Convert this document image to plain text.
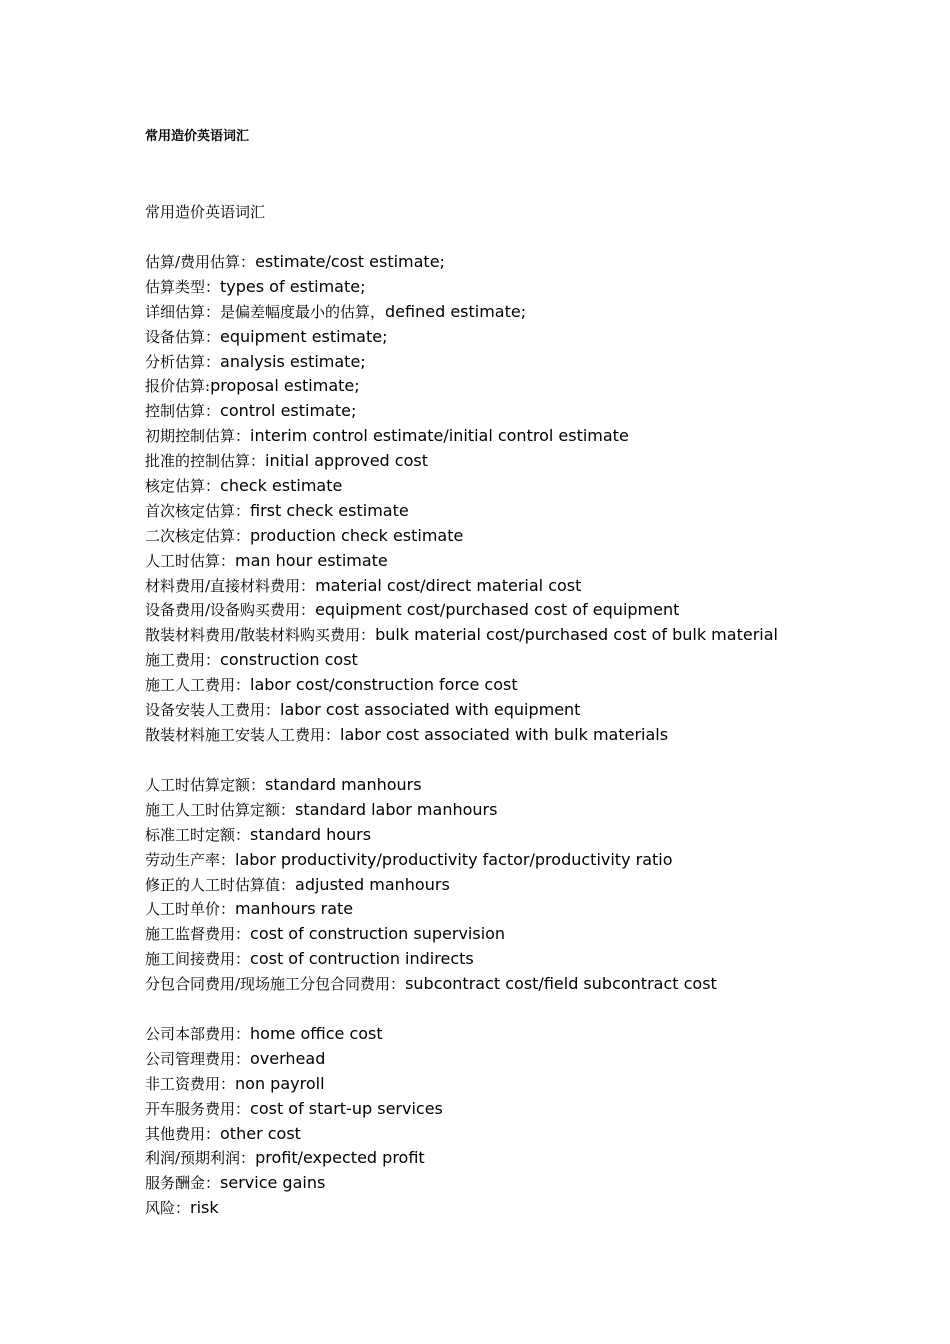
常用造价英语词汇
常用造价英语词汇
估算/费用估算：estimate/cost estimate;
估算类型：types of estimate;
详细估算：是偏差幅度最小的估算，defined estimate;
设备估算：equipment estimate;
分析估算：analysis estimate;
报价估算:proposal estimate;
控制估算：control estimate;
初期控制估算：interim control estimate/initial control estimate
批准的控制估算：initial approved cost
核定估算：check estimate
首次核定估算：first check estimate
二次核定估算：production check estimate
人工时估算：man hour estimate
材料费用/直接材料费用：material cost/direct material cost
设备费用/设备购买费用：equipment cost/purchased cost of equipment
散装材料费用/散装材料购买费用：bulk material cost/purchased cost of bulk material
施工费用：construction cost
施工人工费用：labor cost/construction force cost
设备安装人工费用：labor cost associated with equipment
散装材料施工安装人工费用：labor cost associated with bulk materials
人工时估算定额：standard manhours
施工人工时估算定额：standard labor manhours
标准工时定额：standard hours
劳动生产率：labor productivity/productivity factor/productivity ratio
修正的人工时估算值：adjusted manhours
人工时单价：manhours rate
施工监督费用：cost of construction supervision
施工间接费用：cost of contruction indirects
分包合同费用/现场施工分包合同费用：subcontract cost/field subcontract cost
公司本部费用：home office cost
公司管理费用：overhead
非工资费用：non payroll
开车服务费用：cost of start-up services
其他费用：other cost
利润/预期利润：profit/expected profit
服务酬金：service gains
风险：risk
